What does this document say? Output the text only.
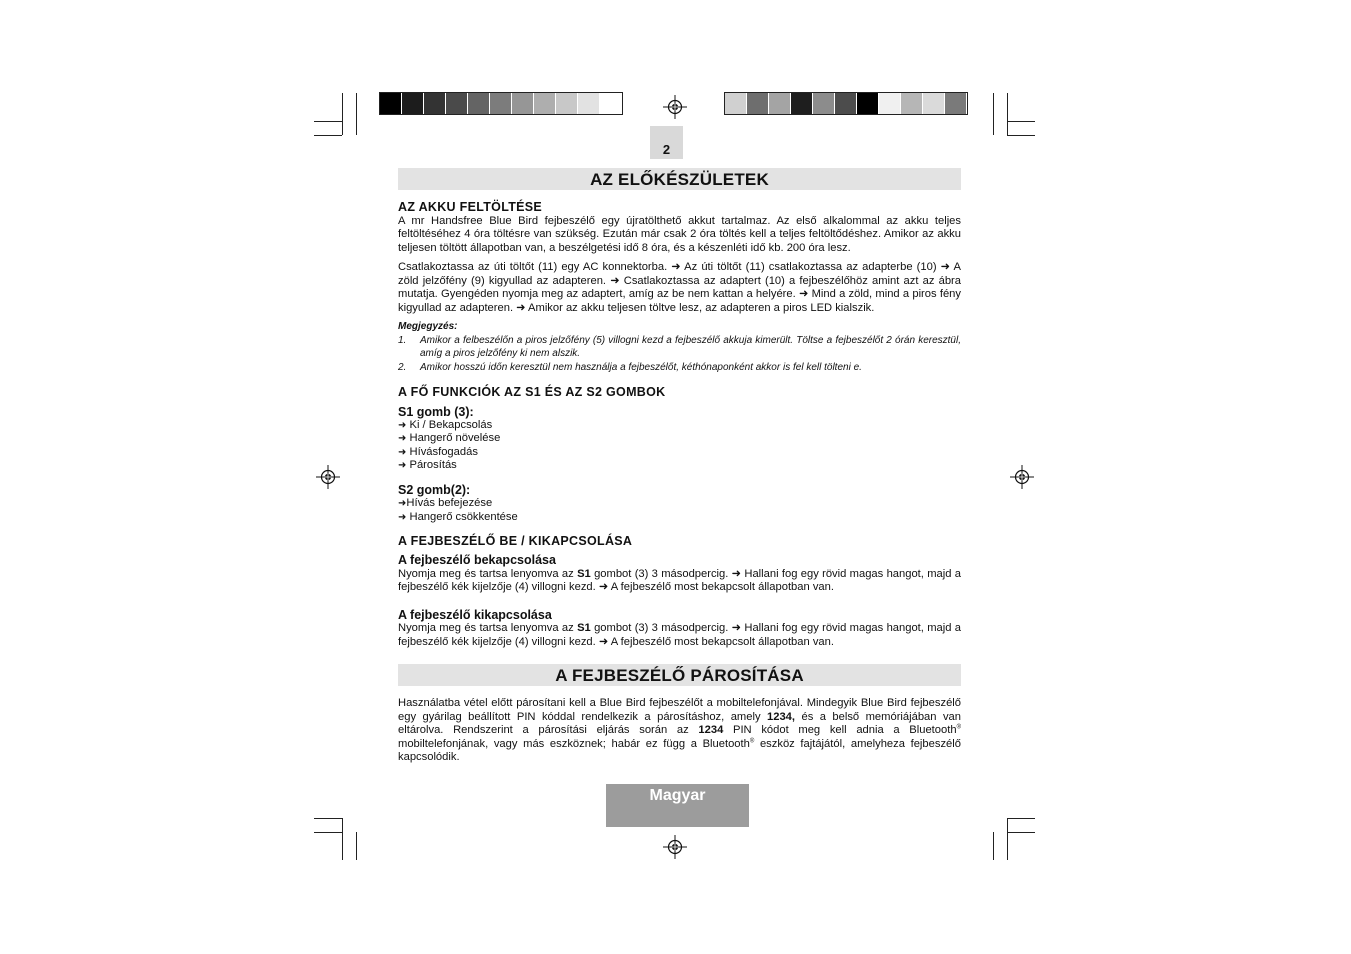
2
AZ ELŐKÉSZÜLETEK
AZ AKKU FELTÖLTÉSE

A mr Handsfree Blue Bird fejbeszélő egy újratölthető akkut tartalmaz. Az első alkalommal az akku teljes feltöltéséhez 4 óra töltésre van szükség. Ezután már csak 2 óra töltés kell a teljes feltöltődéshez. Amikor az akku teljesen töltött állapotban van, a beszélgetési idő 8 óra, és a készenléti idő kb. 200 óra lesz.

Csatlakoztassa az úti töltőt (11) egy AC konnektorba. ➜ Az úti töltőt (11) csatlakoztassa az adapterbe (10) ➜ A zöld jelzőfény (9) kigyullad az adapteren. ➜ Csatlakoztassa az adaptert (10) a fejbeszélőhöz amint azt az ábra mutatja. Gyengéden nyomja meg az adaptert, amíg az be nem kattan a helyére. ➜ Mind a zöld, mind a piros fény kigyullad az adapteren. ➜ Amikor az akku teljesen töltve lesz, az adapteren a piros LED kialszik.

Megjegyzés:
1.	Amikor a felbeszélőn a piros jelzőfény (5) villogni kezd a fejbeszélő akkuja kimerült. Töltse a fejbeszélőt 2 órán keresztül, amíg a piros jelzőfény ki nem alszik.

2.	Amikor hosszú időn keresztül nem használja a fejbeszélőt, kéthónaponként akkor is fel kell tölteni e.

A FŐ FUNKCIÓK AZ S1 ÉS AZ S2 GOMBOK
S1 gomb (3):
➜ Ki / Bekapcsolás
➜ Hangerő növelése
➜ Hívásfogadás
➜ Párosítás
S2 gomb(2):
➜Hívás befejezése
➜ Hangerő csökkentése
A FEJBESZÉLŐ BE / KIKAPCSOLÁSA
A fejbeszélő bekapcsolása

Nyomja meg és tartsa lenyomva az S1 gombot (3) 3 másodpercig. ➜ Hallani fog egy rövid magas hangot, majd a fejbeszélő kék kijelzője (4) villogni kezd. ➜ A fejbeszélő most bekapcsolt állapotban van.

A fejbeszélő kikapcsolása

Nyomja meg és tartsa lenyomva az S1 gombot (3) 3 másodpercig. ➜ Hallani fog egy rövid magas hangot, majd a fejbeszélő kék kijelzője (4) villogni kezd. ➜ A fejbeszélő most bekapcsolt állapotban van.

A FEJBESZÉLŐ PÁROSÍTÁSA

Használatba vétel előtt párosítani kell a Blue Bird fejbeszélőt a mobiltelefonjával. Mindegyik Blue Bird fejbeszélő egy gyárilag beállított PIN kóddal rendelkezik a párosításhoz, amely 1234, és a belső memóriájában van eltárolva. Rendszerint a párosítási eljárás során az 1234 PIN kódot meg kell adnia a Bluetooth® mobiltelefonjának, vagy más eszköznek; habár ez függ a Bluetooth® eszköz fajtájától, amelyheza fejbeszélő kapcsolódik.

Magyar
